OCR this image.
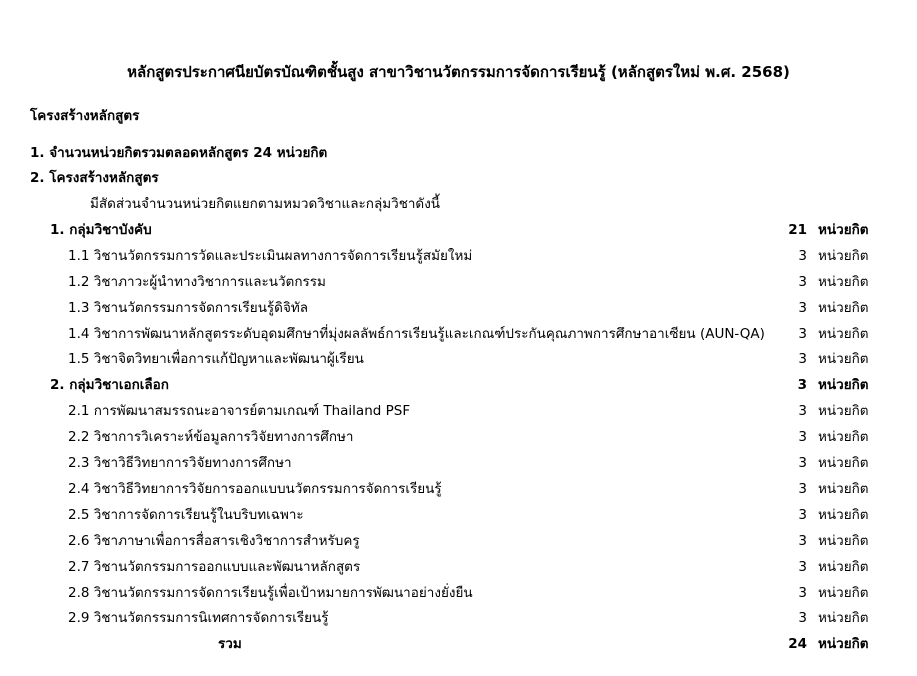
หลักสูตรประกาศนียบัตรบัณฑิตชั้นสูง สาขาวิชานวัตกรรมการจัดการเรียนรู้ (หลักสูตรใหม่ พ.ศ. 2568)
โครงสร้างหลักสูตร
1. จำนวนหน่วยกิตรวมตลอดหลักสูตร 24 หน่วยกิต
2. โครงสร้างหลักสูตร
มีสัดส่วนจำนวนหน่วยกิตแยกตามหมวดวิชาและกลุ่มวิชาดังนี้
1. กลุ่มวิชาบังคับ	21 หน่วยกิต
1.1 วิชานวัตกรรมการวัดและประเมินผลทางการจัดการเรียนรู้สมัยใหม่	3 หน่วยกิต
1.2 วิชาภาวะผู้นำทางวิชาการและนวัตกรรม	3 หน่วยกิต
1.3 วิชานวัตกรรมการจัดการเรียนรู้ดิจิทัล	3 หน่วยกิต
1.4 วิชาการพัฒนาหลักสูตรระดับอุดมศึกษาที่มุ่งผลลัพธ์การเรียนรู้และเกณฑ์ประกันคุณภาพการศึกษาอาเซียน (AUN-QA)	3 หน่วยกิต
1.5 วิชาจิตวิทยาเพื่อการแก้ปัญหาและพัฒนาผู้เรียน	3 หน่วยกิต
2. กลุ่มวิชาเอกเลือก	3 หน่วยกิต
2.1 การพัฒนาสมรรถนะอาจารย์ตามเกณฑ์ Thailand PSF	3 หน่วยกิต
2.2 วิชาการวิเคราะห์ข้อมูลการวิจัยทางการศึกษา	3 หน่วยกิต
2.3 วิชาวิธีวิทยาการวิจัยทางการศึกษา	3 หน่วยกิต
2.4 วิชาวิธีวิทยาการวิจัยการออกแบบนวัตกรรมการจัดการเรียนรู้	3 หน่วยกิต
2.5 วิชาการจัดการเรียนรู้ในบริบทเฉพาะ	3 หน่วยกิต
2.6 วิชาภาษาเพื่อการสื่อสารเชิงวิชาการสำหรับครู	3 หน่วยกิต
2.7 วิชานวัตกรรมการออกแบบและพัฒนาหลักสูตร	3 หน่วยกิต
2.8 วิชานวัตกรรมการจัดการเรียนรู้เพื่อเป้าหมายการพัฒนาอย่างยั่งยืน	3 หน่วยกิต
2.9 วิชานวัตกรรมการนิเทศการจัดการเรียนรู้	3 หน่วยกิต
รวม	24 หน่วยกิต
